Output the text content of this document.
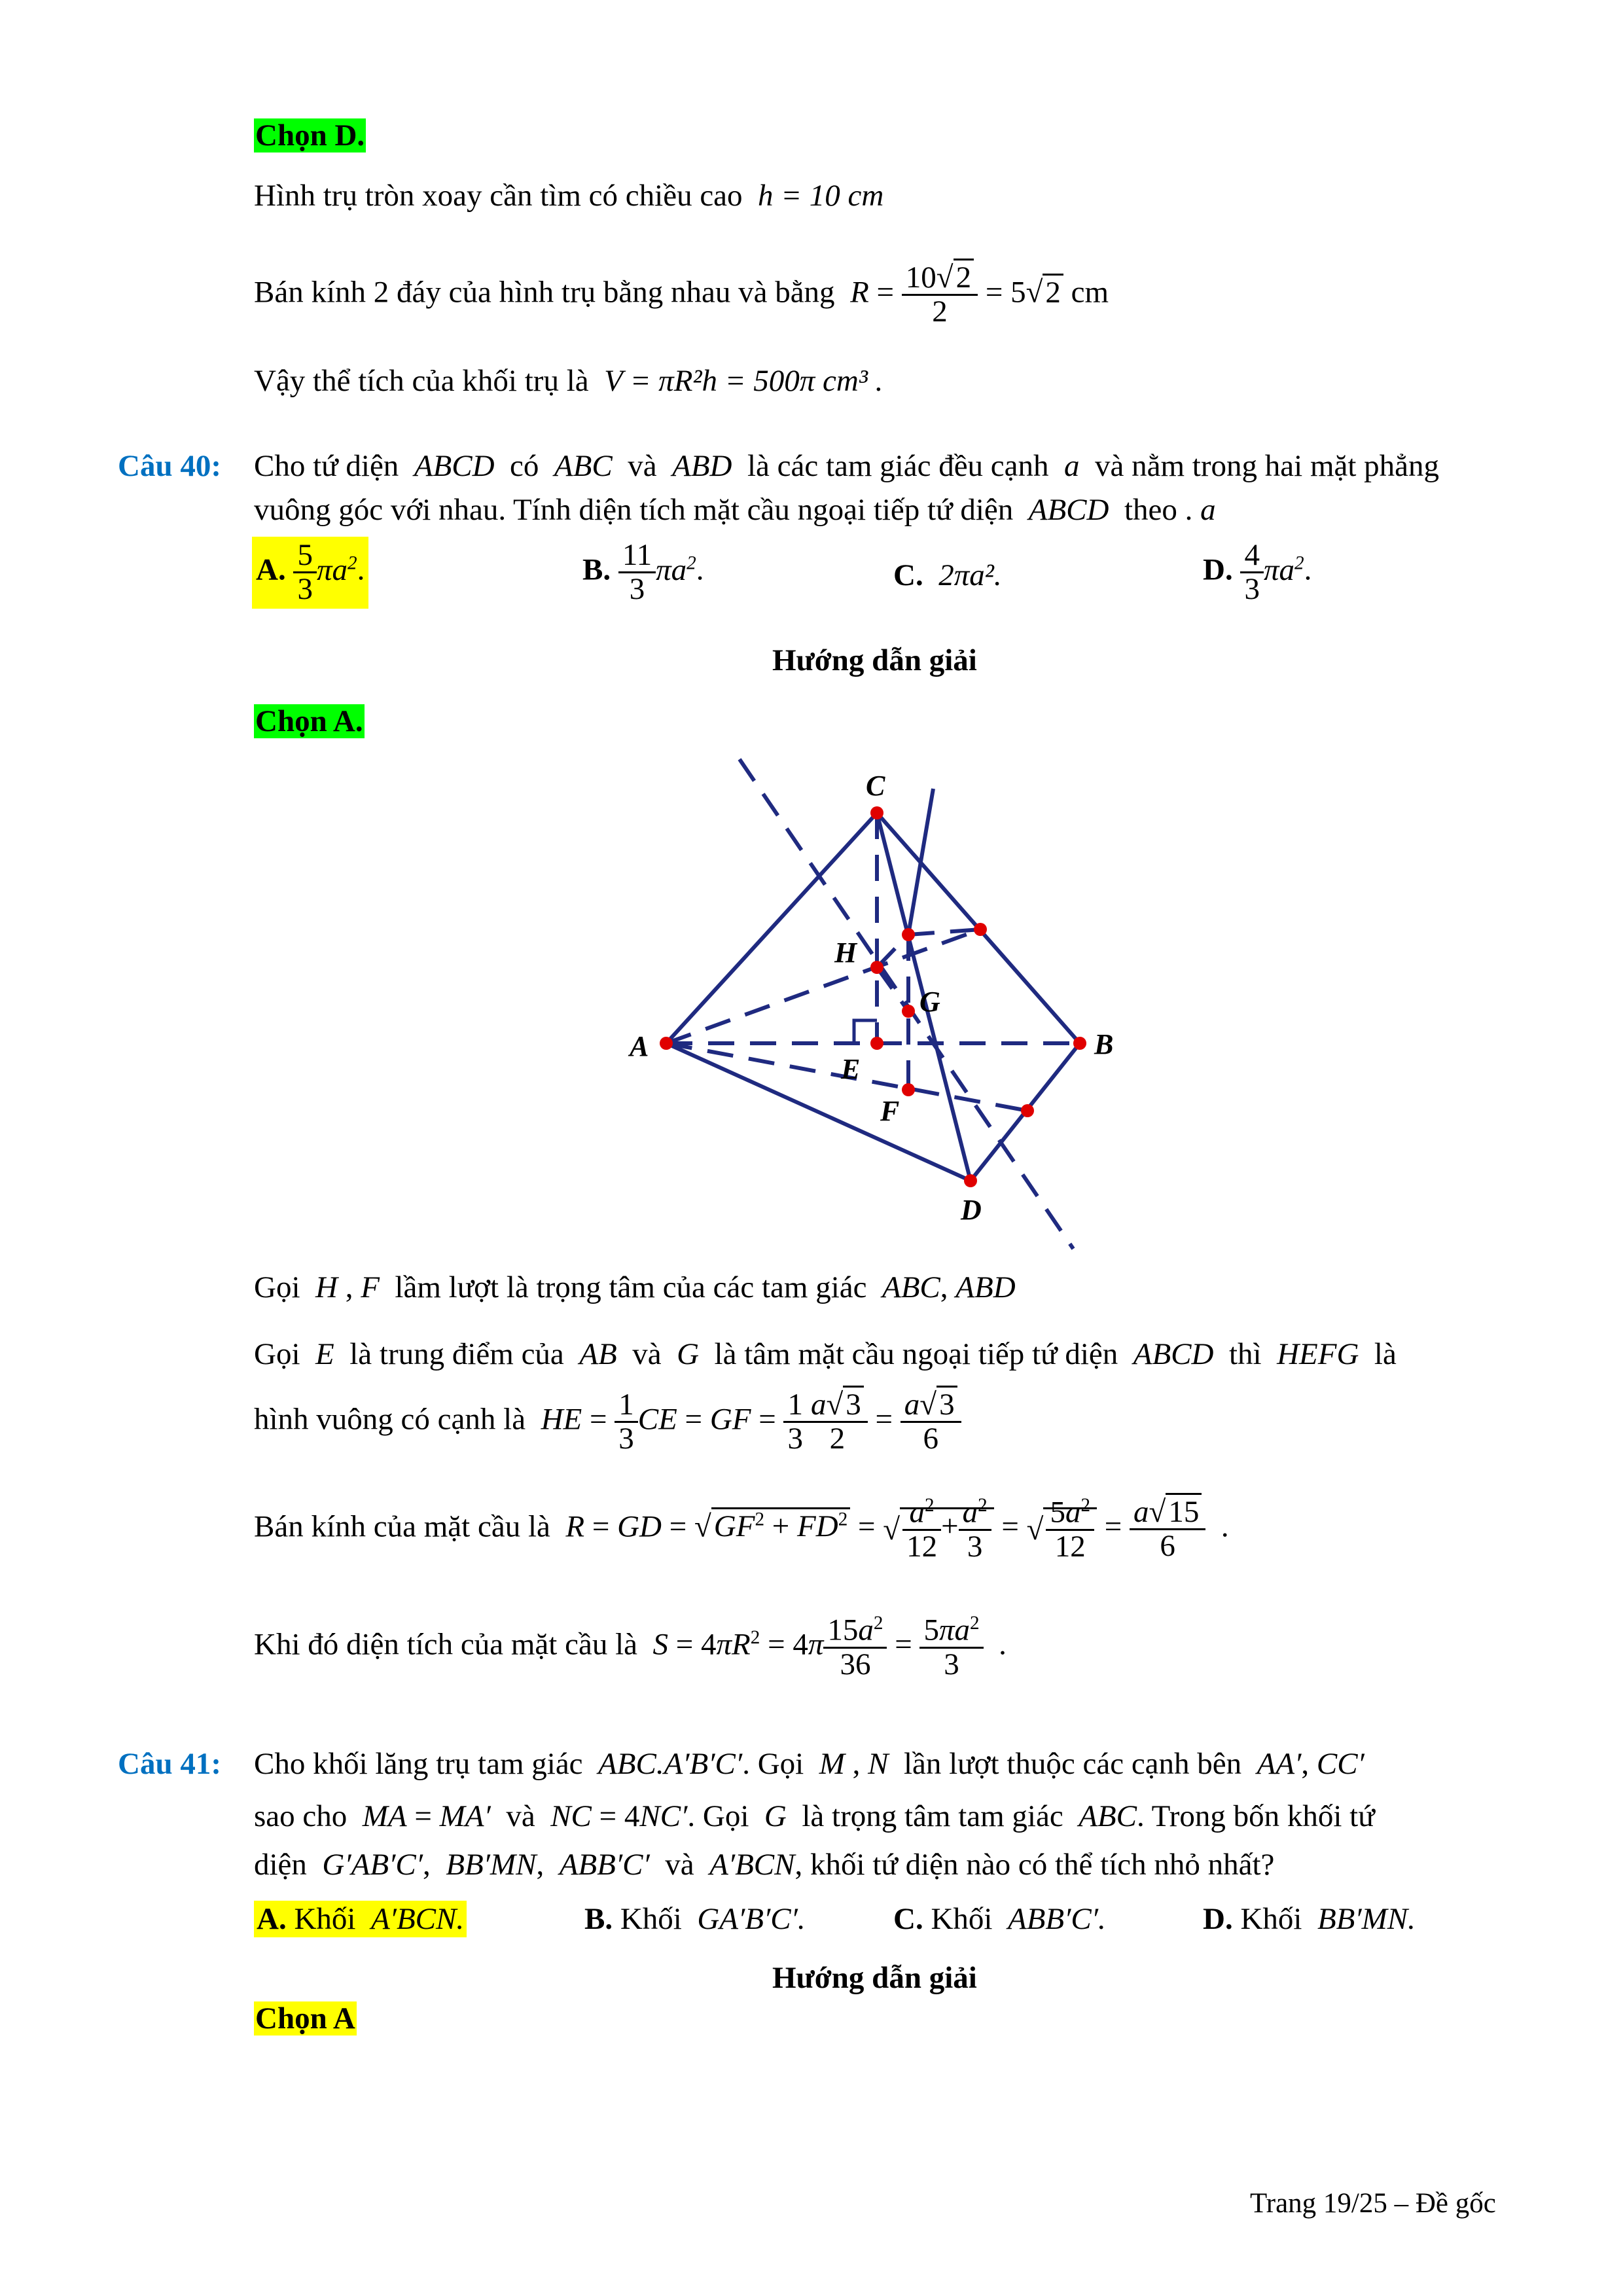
Chọn D.
Hình trụ tròn xoay cần tìm có chiều cao h = 10 cm
Bán kính 2 đáy của hình trụ bằng nhau và bằng $R = \frac{10√2}{2} = 5√2$ cm
Vậy thể tích của khối trụ là V = πR²h = 500π cm³ .
Câu 40: Cho tứ diện ABCD có ABC và ABD là các tam giác đều cạnh a và nằm trong hai mặt phẳng
vuông góc với nhau. Tính diện tích mặt cầu ngoại tiếp tứ diện ABCD theo . a
A. $\frac{5}{3} \pi a^2$.	B. $\frac{11}{3} \pi a^2$.	C. 2πa².	D. $\frac{4}{3} \pi a^2$.
Hướng dẫn giải
Chọn A.
A	B
C
D
E
F
G
H
Gọi H , F lầm lượt là trọng tâm của các tam giác ABC, ABD
Gọi E là trung điểm của AB và G là tâm mặt cầu ngoại tiếp tứ diện ABCD thì HEFG là
hình vuông có cạnh là HE = $\frac{1}{3}$ CE = GF = $\frac{1}{3} \frac{a√3}{2} = \frac{a√3}{6}$
Bán kính của mặt cầu là R = GD = $√GF^2 + FD^2$ = √ $\frac{a^2}{12} + \frac{a^2}{3}$ = √ $\frac{5a^2}{12} = \frac{a√15}{6}$ .
Khi đó diện tích của mặt cầu là $S = 4\pi R^2 = 4\pi \frac{15a^2}{36} = \frac{5\pi a^2}{3}$ .
Câu 41: Cho khối lăng trụ tam giác ABC.A′B′C′. Gọi M , N lần lượt thuộc các cạnh bên AA′, CC′
sao cho MA = MA′ và NC = 4NC′. Gọi G là trọng tâm tam giác ABC. Trong bốn khối tứ
diện G′AB′C′,  BB′MN,  ABB′C′ và A′BCN, khối tứ diện nào có thể tích nhỏ nhất?
A. Khối A′BCN.	B. Khối GA′B′C′.	C. Khối ABB′C′.	D. Khối BB′MN.
Hướng dẫn giải
Chọn A
Trang 19/25 – Đề gốc
